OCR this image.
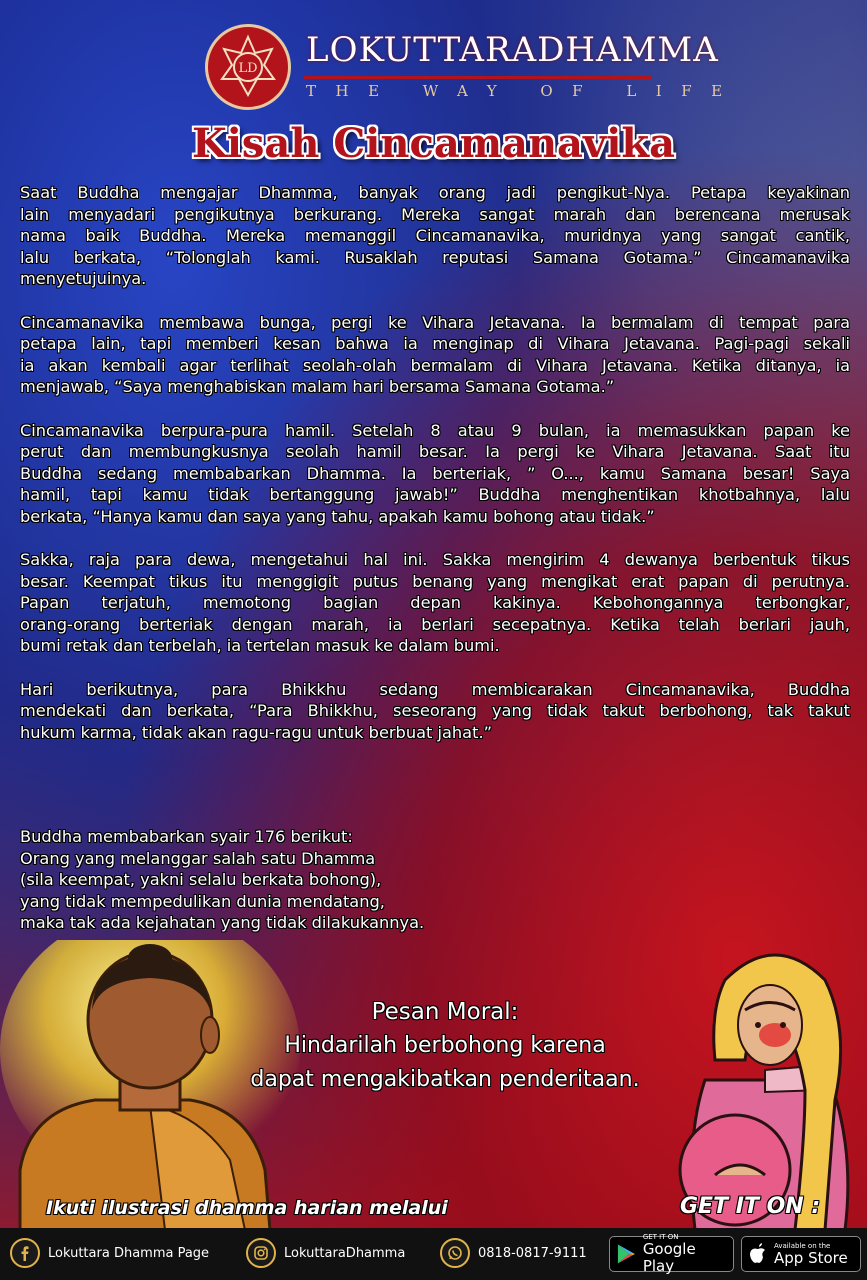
LD LOKUTTARADHAMMA
THE WAY OF LIFE
Kisah Cincamanavika

Saat Buddha mengajar Dhamma, banyak orang jadi pengikut-Nya. Petapa keyakinan
lain menyadari pengikutnya berkurang. Mereka sangat marah dan berencana merusak
nama baik Buddha. Mereka memanggil Cincamanavika, muridnya yang sangat cantik,
lalu berkata, “Tolonglah kami. Rusaklah reputasi Samana Gotama.” Cincamanavika
menyetujuinya.

Cincamanavika membawa bunga, pergi ke Vihara Jetavana. Ia bermalam di tempat para
petapa lain, tapi memberi kesan bahwa ia menginap di Vihara Jetavana. Pagi-pagi sekali
ia akan kembali agar terlihat seolah-olah bermalam di Vihara Jetavana. Ketika ditanya, ia
menjawab, “Saya menghabiskan malam hari bersama Samana Gotama.”

Cincamanavika berpura-pura hamil. Setelah 8 atau 9 bulan, ia memasukkan papan ke
perut dan membungkusnya seolah hamil besar. Ia pergi ke Vihara Jetavana. Saat itu
Buddha sedang membabarkan Dhamma. Ia berteriak, ” O..., kamu Samana besar! Saya
hamil, tapi kamu tidak bertanggung jawab!” Buddha menghentikan khotbahnya, lalu
berkata, “Hanya kamu dan saya yang tahu, apakah kamu bohong atau tidak.”

Sakka, raja para dewa, mengetahui hal ini. Sakka mengirim 4 dewanya berbentuk tikus
besar. Keempat tikus itu menggigit putus benang yang mengikat erat papan di perutnya.
Papan terjatuh, memotong bagian depan kakinya. Kebohongannya terbongkar,
orang-orang berteriak dengan marah, ia berlari secepatnya. Ketika telah berlari jauh,
bumi retak dan terbelah, ia tertelan masuk ke dalam bumi.

Hari berikutnya, para Bhikkhu sedang membicarakan Cincamanavika, Buddha
mendekati dan berkata, “Para Bhikkhu, seseorang yang tidak takut berbohong, tak takut
hukum karma, tidak akan ragu-ragu untuk berbuat jahat.”

Buddha membabarkan syair 176 berikut:
Orang yang melanggar salah satu Dhamma
(sila keempat, yakni selalu berkata bohong),
yang tidak mempedulikan dunia mendatang,
maka tak ada kejahatan yang tidak dilakukannya.
Pesan Moral:
Hindarilah berbohong karena
dapat mengakibatkan penderitaan.
Ikuti ilustrasi dhamma harian melalui	GET IT ON :
Lokuttara Dhamma Page	LokuttaraDhamma	0818-0817-9111
GET IT ON
Google Play
Available on the
App Store
